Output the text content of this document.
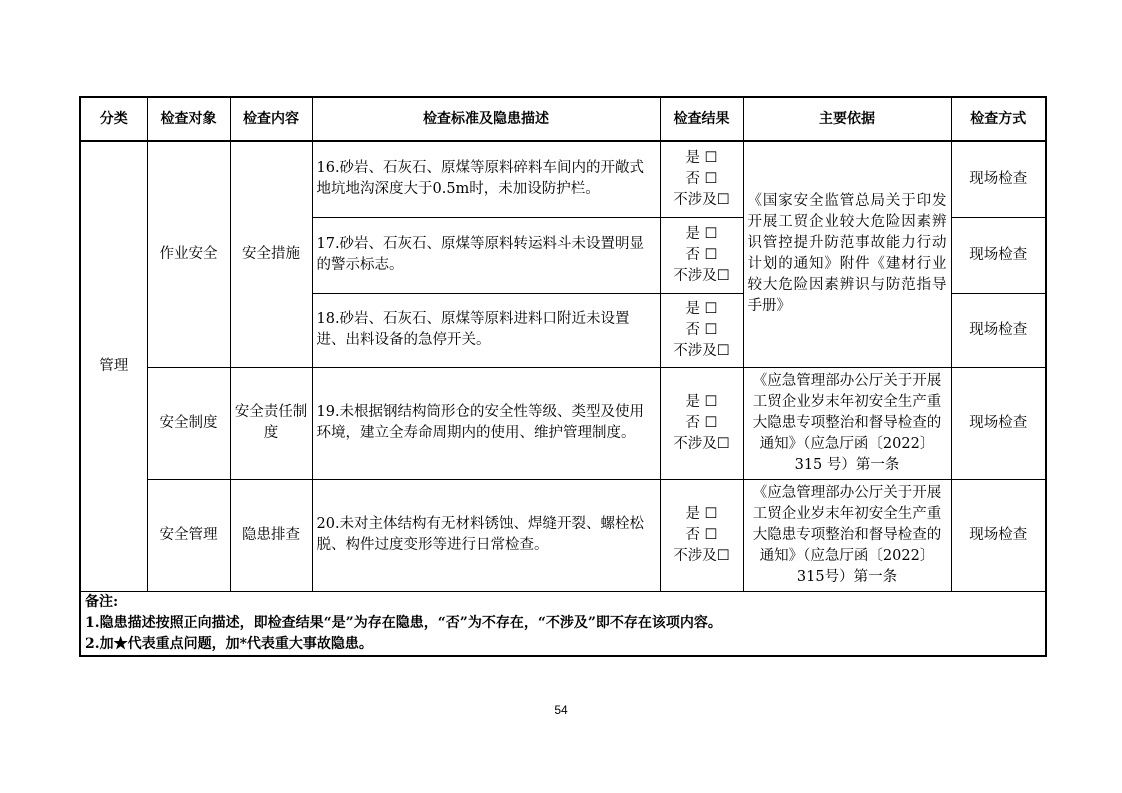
分类	检查对象	检查内容	检查标准及隐患描述	检查结果	主要依据	检查方式
管理	作业安全	安全措施	16.砂岩、石灰石、原煤等原料碎料车间内的开敞式地坑地沟深度大于0.5m时，未加设防护栏。	是 ☐
否 ☐
不涉及☐	《国家安全监管总局关于印发开展工贸企业较大危险因素辨识管控提升防范事故能力行动计划的通知》附件《建材行业较大危险因素辨识与防范指导手册》	现场检查
			17.砂岩、石灰石、原煤等原料转运料斗未设置明显的警示标志。	是 ☐
否 ☐
不涉及☐		现场检查
			18.砂岩、石灰石、原煤等原料进料口附近未设置进、出料设备的急停开关。	是 ☐
否 ☐
不涉及☐		现场检查
	安全制度	安全责任制度	19.未根据钢结构筒形仓的安全性等级、类型及使用环境，建立全寿命周期内的使用、维护管理制度。	是 ☐
否 ☐
不涉及☐	《应急管理部办公厅关于开展工贸企业岁末年初安全生产重大隐患专项整治和督导检查的通知》（应急厅函〔2022〕315 号）第一条	现场检查
	安全管理	隐患排查	20.未对主体结构有无材料锈蚀、焊缝开裂、螺栓松脱、构件过度变形等进行日常检查。	是 ☐
否 ☐
不涉及☐	《应急管理部办公厅关于开展工贸企业岁末年初安全生产重大隐患专项整治和督导检查的通知》（应急厅函〔2022〕315号）第一条	现场检查

备注:
1.隐患描述按照正向描述，即检查结果“是”为存在隐患，“否”为不存在，“不涉及”即不存在该项内容。
2.加★代表重点问题，加*代表重大事故隐患。						
54
